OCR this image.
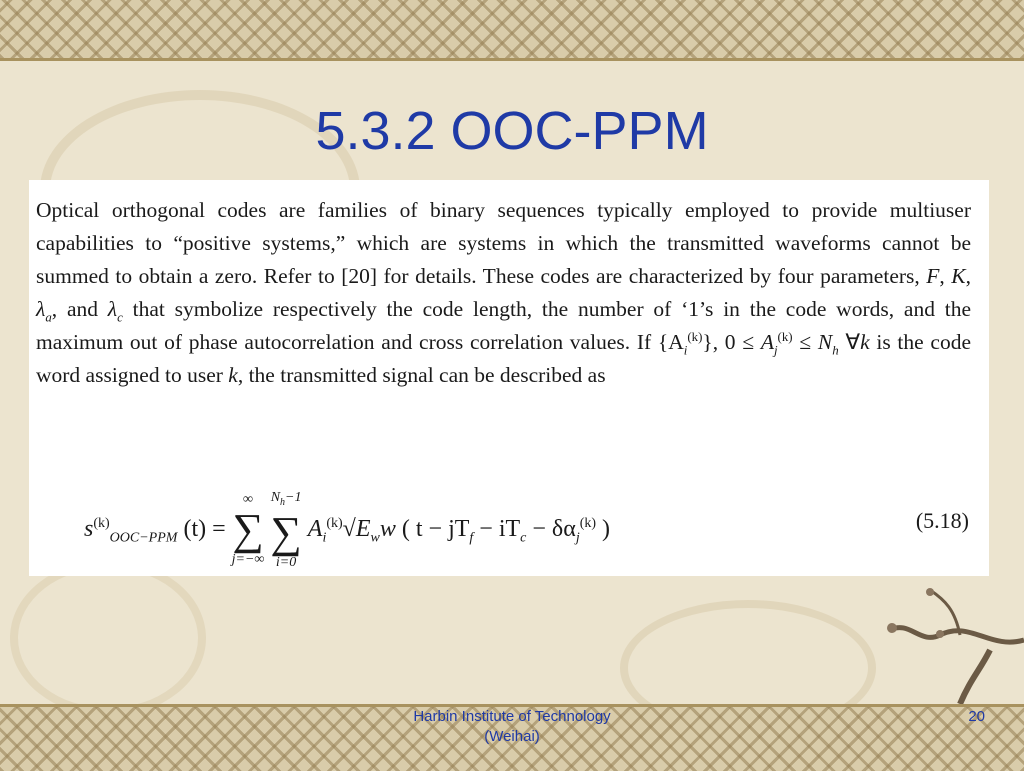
5.3.2 OOC-PPM

Optical orthogonal codes are families of binary sequences typically employed to provide multiuser capabilities to “positive systems,” which are systems in which the transmitted waveforms cannot be summed to obtain a zero. Refer to [20] for details. These codes are characterized by four parameters, F, K, $\lambda_a$, and $\lambda_c$ that symbolize respectively the code length, the number of ‘1’s in the code words, and the maximum out of phase autocorrelation and cross correlation values. If $\{A_i^{(k)}\}$, $0 \le A_j^{(k)} \le N_h$ ∀k is the code word assigned to user k, the transmitted signal can be described as

$s^{(k)}_{OOC-PPM}$ (t) =
∞
∑
j=−∞

$N_h-1$
∑
i=0
$A_i^{(k)}√E_ww$ ( $t - jT_f - iT_c - \delta\alpha_j^{(k)}$ )	(5.18)
Harbin Institute of Technology
(Weihai)
20
